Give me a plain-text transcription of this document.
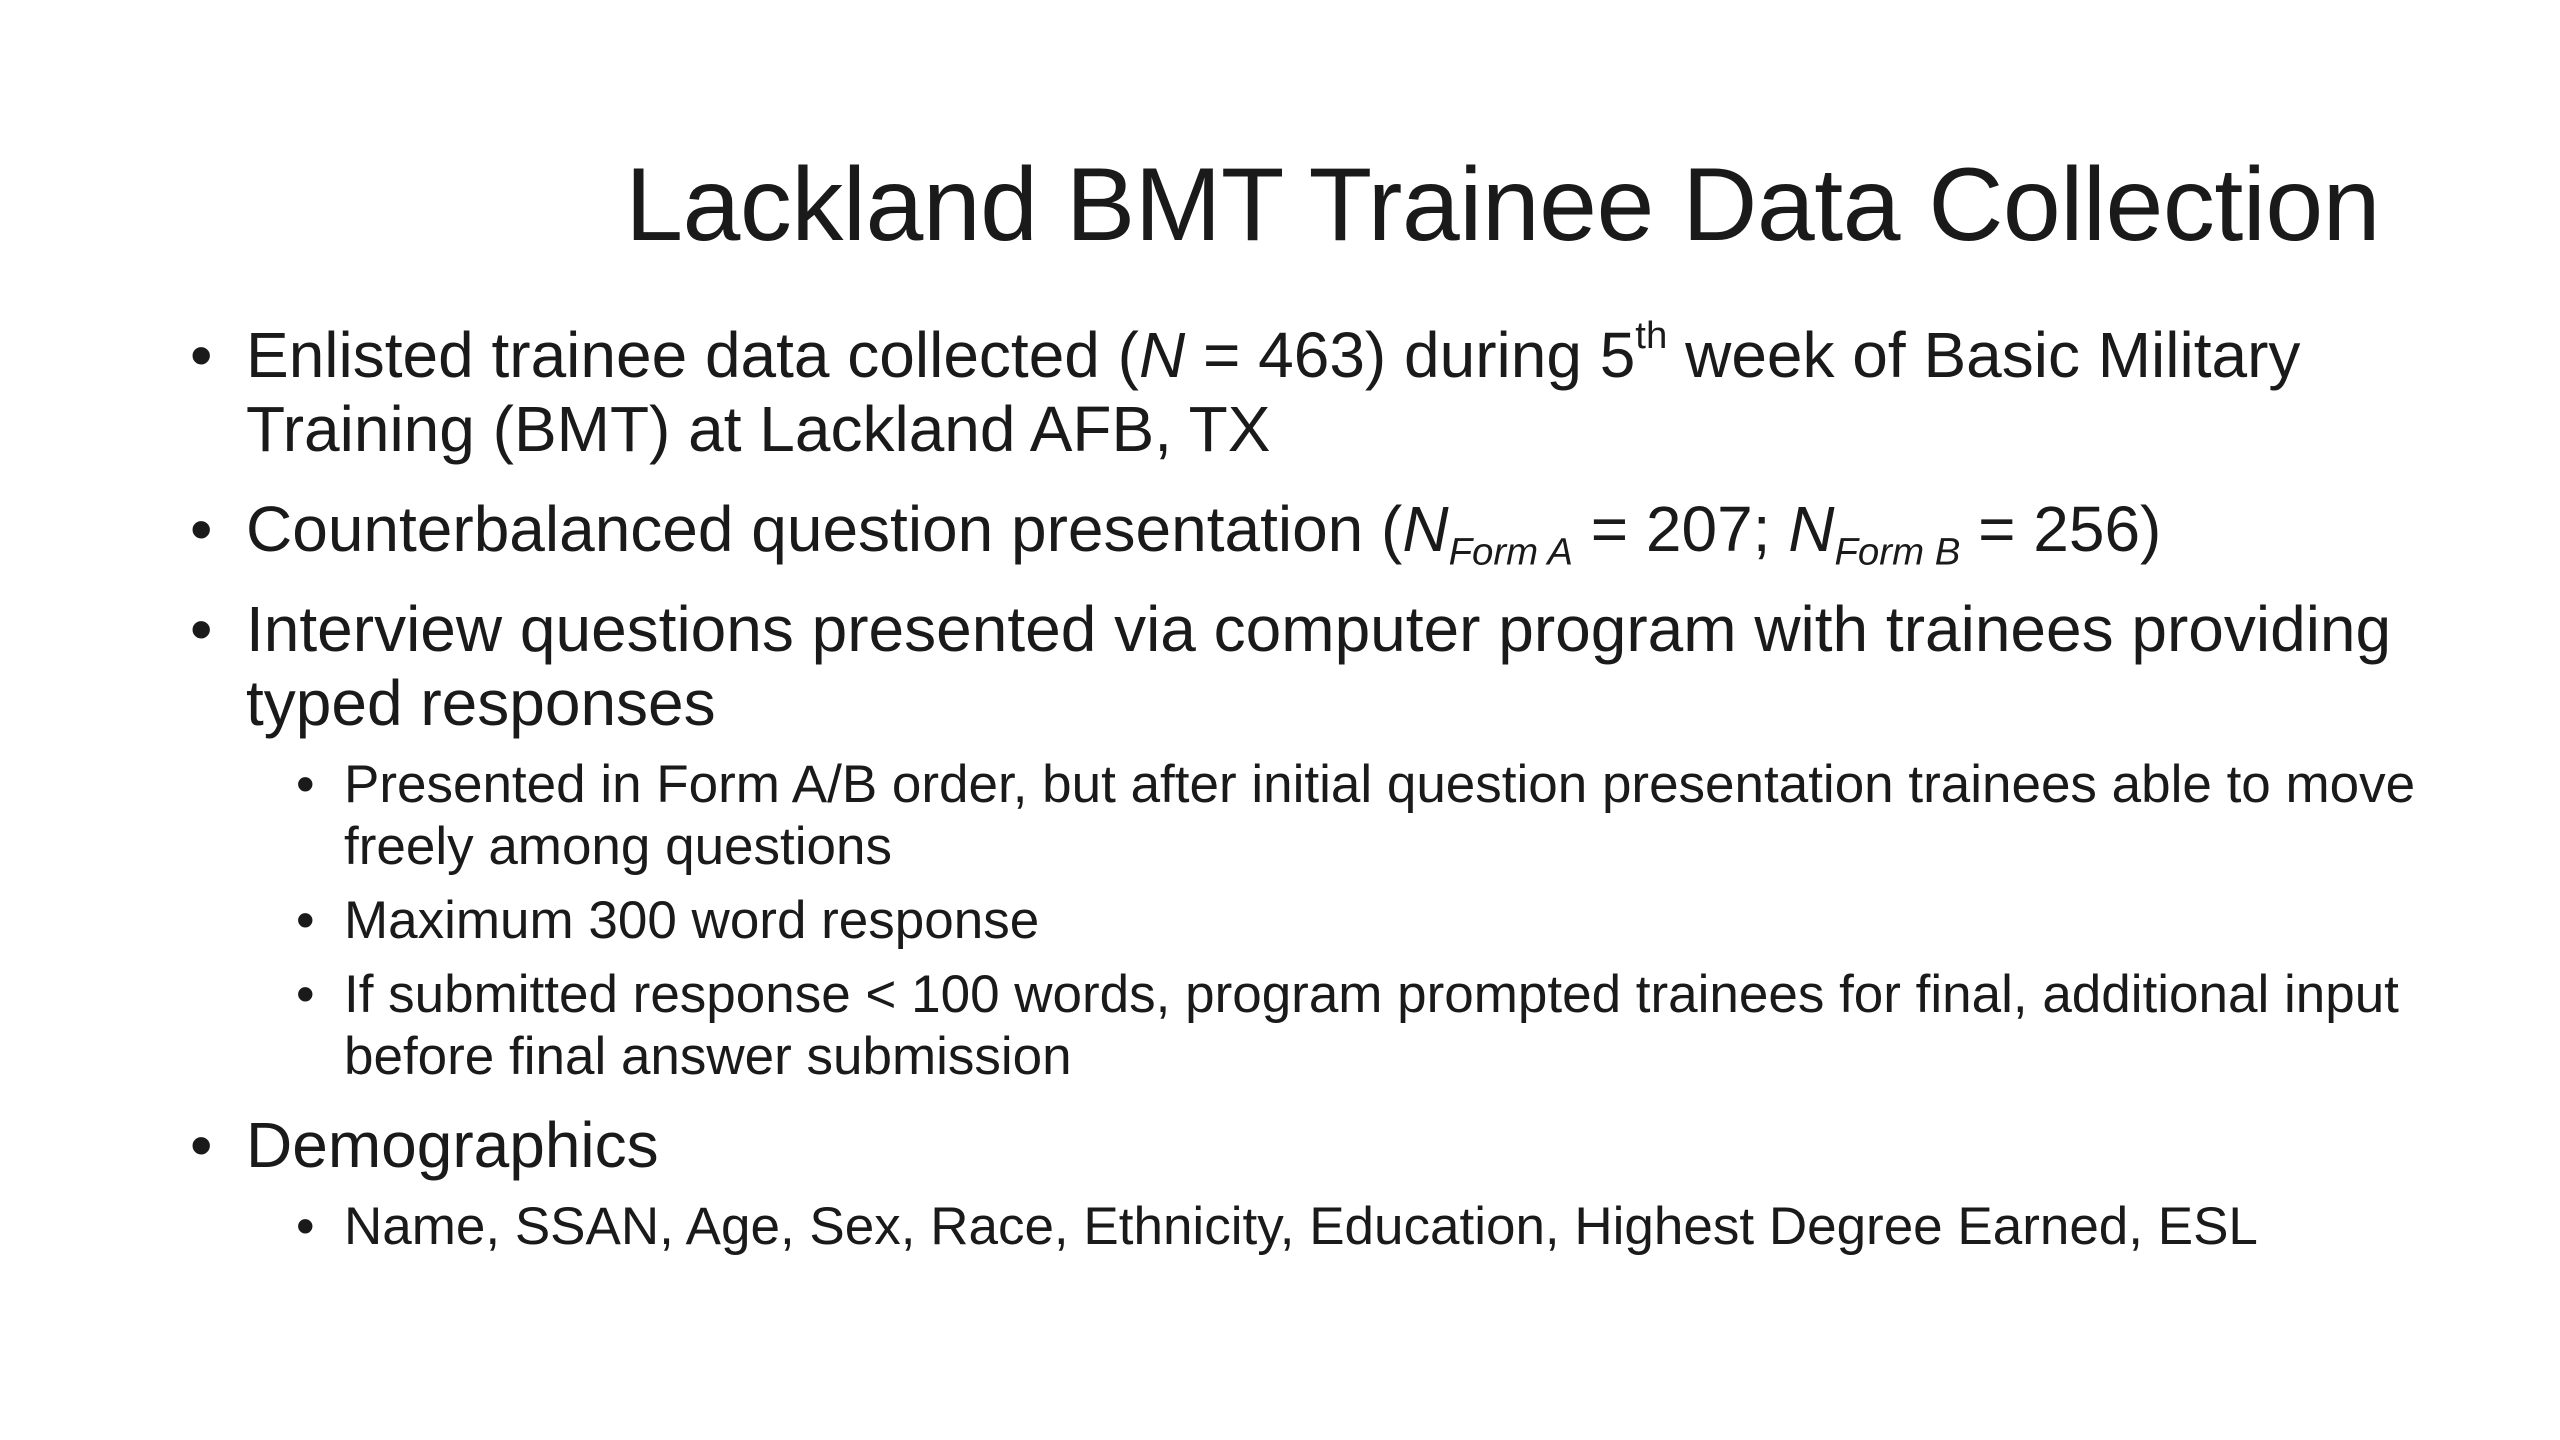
Lackland BMT Trainee Data Collection
• Enlisted trainee data collected (N = 463) during 5th week of Basic Military Training (BMT) at Lackland AFB, TX
• Counterbalanced question presentation ($N_{Form A} = 207$; $N_{Form B} = 256$)
• Interview questions presented via computer program with trainees providing typed responses
• Presented in Form A/B order, but after initial question presentation trainees able to move freely among questions
• Maximum 300 word response
• If submitted response < 100 words, program prompted trainees for final, additional input before final answer submission
• Demographics
• Name, SSAN, Age, Sex, Race, Ethnicity, Education, Highest Degree Earned, ESL
